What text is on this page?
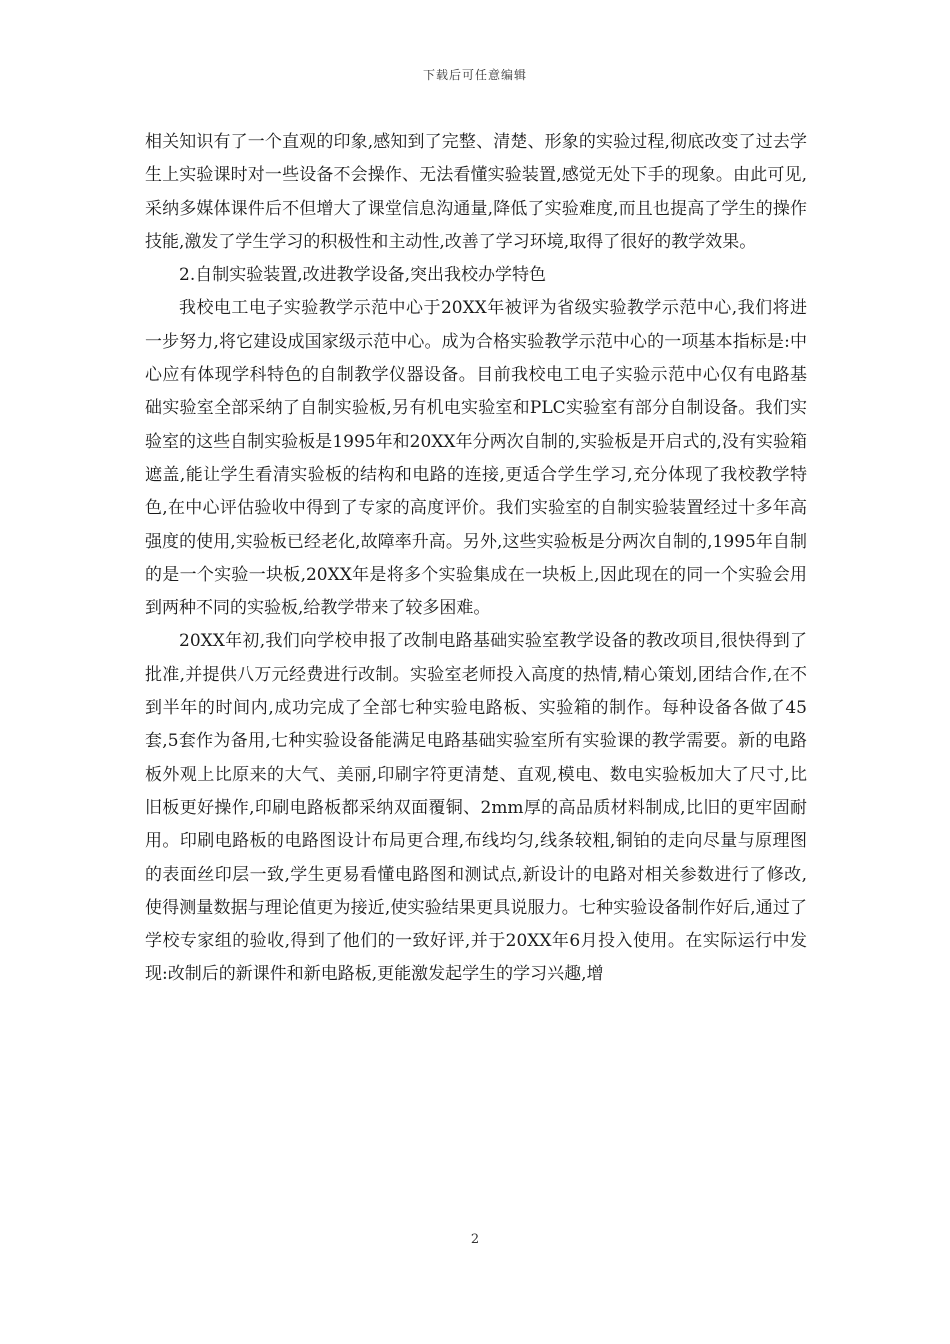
下载后可任意编辑

相关知识有了一个直观的印象,感知到了完整、清楚、形象的实验过程,彻底改变了过去学生上实验课时对一些设备不会操作、无法看懂实验装置,感觉无处下手的现象。由此可见,采纳多媒体课件后不但增大了课堂信息沟通量,降低了实验难度,而且也提高了学生的操作技能,激发了学生学习的积极性和主动性,改善了学习环境,取得了很好的教学效果。

2.自制实验装置,改进教学设备,突出我校办学特色

我校电工电子实验教学示范中心于20XX年被评为省级实验教学示范中心,我们将进一步努力,将它建设成国家级示范中心。成为合格实验教学示范中心的一项基本指标是:中心应有体现学科特色的自制教学仪器设备。目前我校电工电子实验示范中心仅有电路基础实验室全部采纳了自制实验板,另有机电实验室和PLC实验室有部分自制设备。我们实验室的这些自制实验板是1995年和20XX年分两次自制的,实验板是开启式的,没有实验箱遮盖,能让学生看清实验板的结构和电路的连接,更适合学生学习,充分体现了我校教学特色,在中心评估验收中得到了专家的高度评价。我们实验室的自制实验装置经过十多年高强度的使用,实验板已经老化,故障率升高。另外,这些实验板是分两次自制的,1995年自制的是一个实验一块板,20XX年是将多个实验集成在一块板上,因此现在的同一个实验会用到两种不同的实验板,给教学带来了较多困难。

20XX年初,我们向学校申报了改制电路基础实验室教学设备的教改项目,很快得到了批准,并提供八万元经费进行改制。实验室老师投入高度的热情,精心策划,团结合作,在不到半年的时间内,成功完成了全部七种实验电路板、实验箱的制作。每种设备各做了45套,5套作为备用,七种实验设备能满足电路基础实验室所有实验课的教学需要。新的电路板外观上比原来的大气、美丽,印刷字符更清楚、直观,模电、数电实验板加大了尺寸,比旧板更好操作,印刷电路板都采纳双面覆铜、2mm厚的高品质材料制成,比旧的更牢固耐用。印刷电路板的电路图设计布局更合理,布线均匀,线条较粗,铜铂的走向尽量与原理图的表面丝印层一致,学生更易看懂电路图和测试点,新设计的电路对相关参数进行了修改,使得测量数据与理论值更为接近,使实验结果更具说服力。七种实验设备制作好后,通过了学校专家组的验收,得到了他们的一致好评,并于20XX年6月投入使用。在实际运行中发现:改制后的新课件和新电路板,更能激发起学生的学习兴趣,增

2
